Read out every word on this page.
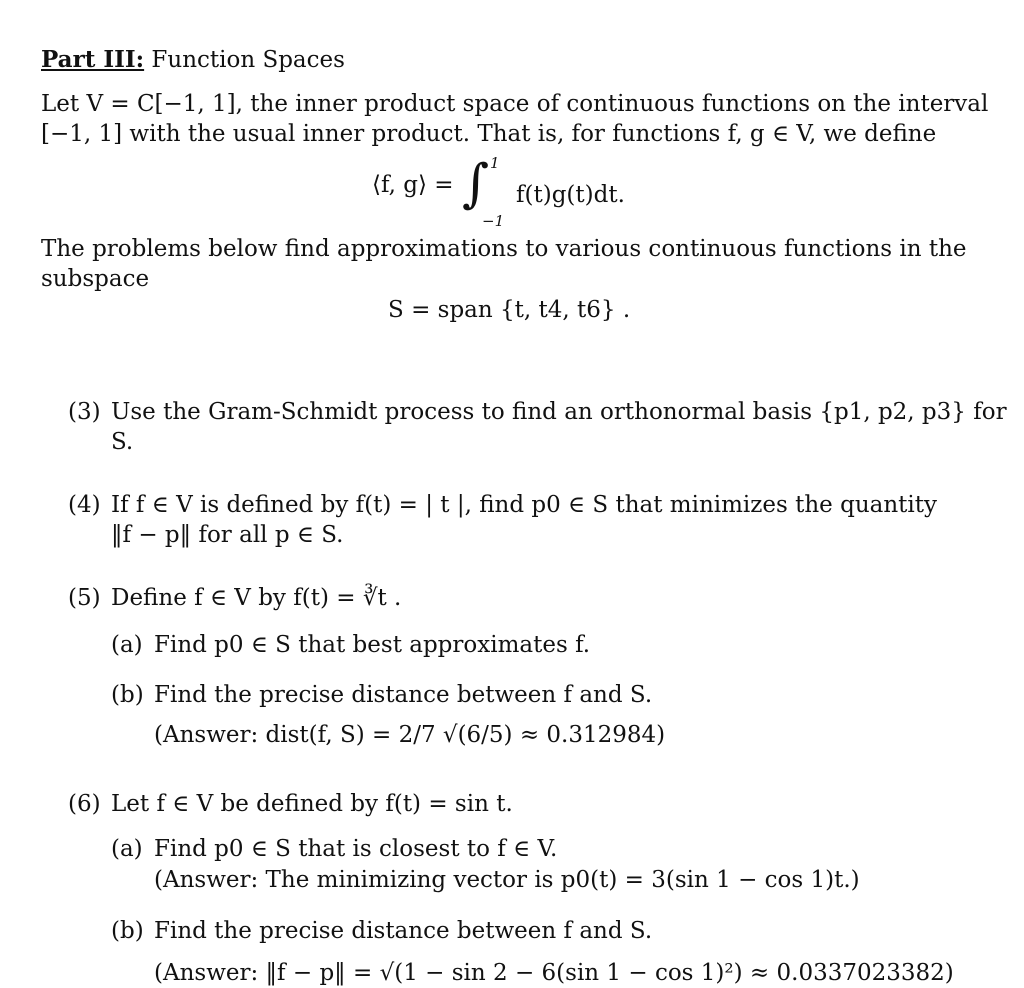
Part III: Function Spaces
Let V = C[−1, 1], the inner product space of continuous functions on the interval
[−1, 1] with the usual inner product. That is, for functions f, g ∈ V, we define
⟨f, g⟩ = ∫ 1
−1
f(t)g(t)dt.
The problems below find approximations to various continuous functions in the
subspace
S = span {t, t4, t6} .
(3) Use the Gram-Schmidt process to find an orthonormal basis {p1, p2, p3} for
S.
(4) If f ∈ V is defined by f(t) = | t |, find p0 ∈ S that minimizes the quantity
‖f − p‖ for all p ∈ S.
(5) Define f ∈ V by f(t) = ∛t .
(a) Find p0 ∈ S that best approximates f.
(b) Find the precise distance between f and S.
(Answer: dist(f, S) = 2/7 √(6/5) ≈ 0.312984)
(6) Let f ∈ V be defined by f(t) = sin t.
(a) Find p0 ∈ S that is closest to f ∈ V.
(Answer: The minimizing vector is p0(t) = 3(sin 1 − cos 1)t.)
(b) Find the precise distance between f and S.
(Answer: ‖f − p‖ = √(1 − sin 2 − 6(sin 1 − cos 1)²) ≈ 0.0337023382)
